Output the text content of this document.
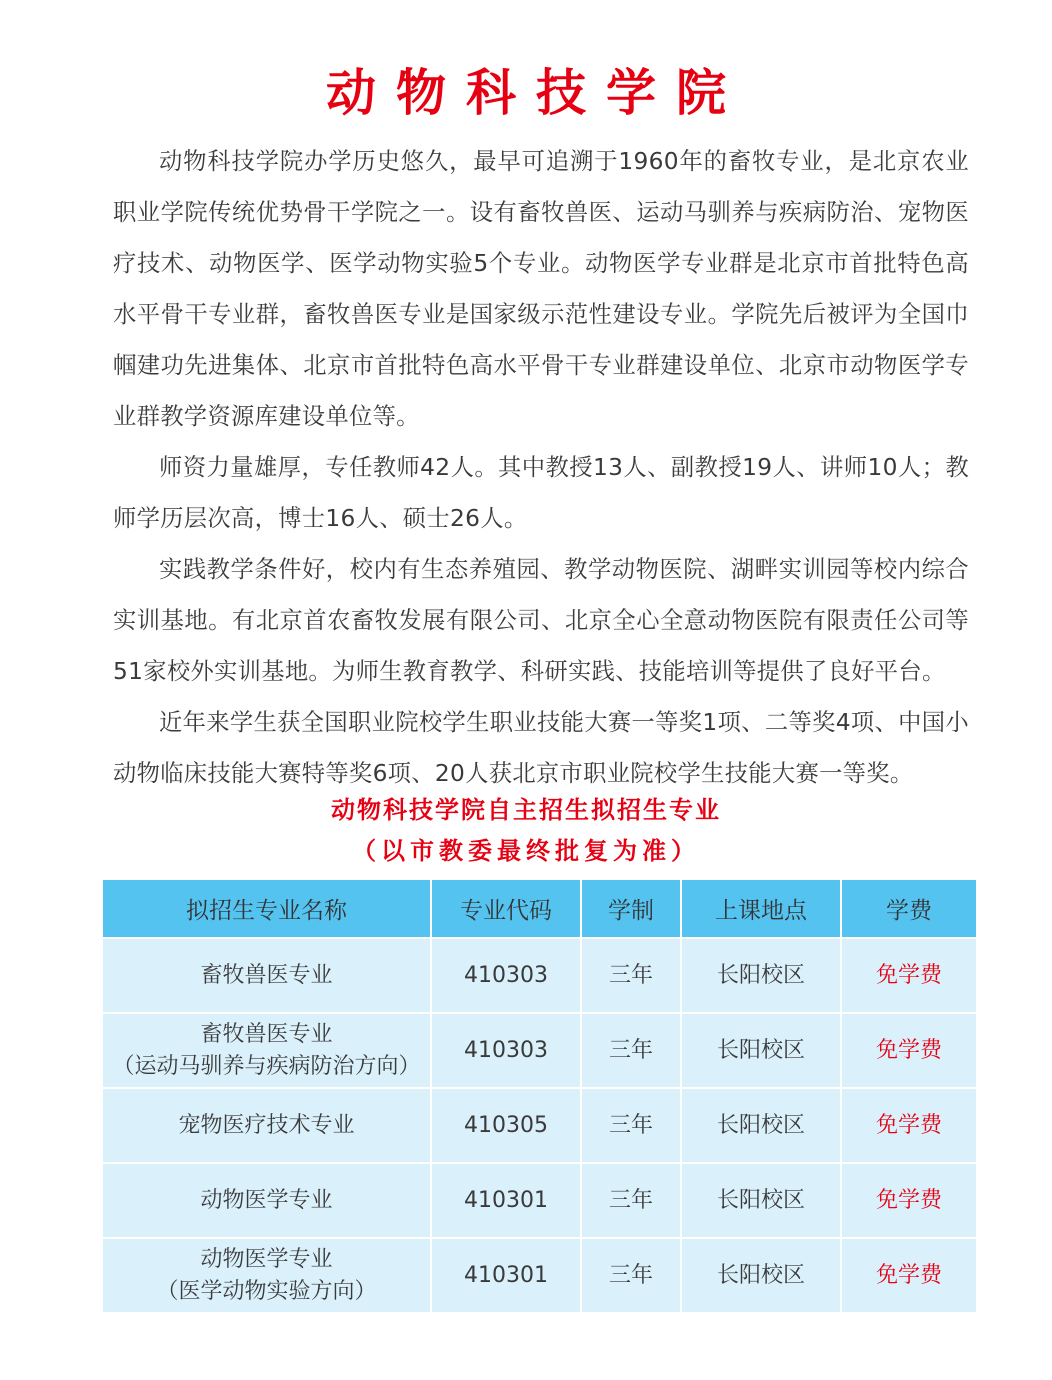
动物科技学院

动物科技学院办学历史悠久，最早可追溯于1960年的畜牧专业，是北京农业职业学院传统优势骨干学院之一。设有畜牧兽医、运动马驯养与疾病防治、宠物医疗技术、动物医学、医学动物实验5个专业。动物医学专业群是北京市首批特色高水平骨干专业群，畜牧兽医专业是国家级示范性建设专业。学院先后被评为全国巾帼建功先进集体、北京市首批特色高水平骨干专业群建设单位、北京市动物医学专业群教学资源库建设单位等。

师资力量雄厚，专任教师42人。其中教授13人、副教授19人、讲师10人；教师学历层次高，博士16人、硕士26人。

实践教学条件好，校内有生态养殖园、教学动物医院、湖畔实训园等校内综合实训基地。有北京首农畜牧发展有限公司、北京全心全意动物医院有限责任公司等51家校外实训基地。为师生教育教学、科研实践、技能培训等提供了良好平台。

近年来学生获全国职业院校学生职业技能大赛一等奖1项、二等奖4项、中国小动物临床技能大赛特等奖6项、20人获北京市职业院校学生技能大赛一等奖。

动物科技学院自主招生拟招生专业
（以市教委最终批复为准）
拟招生专业名称	专业代码	学制	上课地点	学费

畜牧兽医专业	410303	三年	长阳校区	免学费

畜牧兽医专业
（运动马驯养与疾病防治方向）	410303	三年	长阳校区	免学费

宠物医疗技术专业	410305	三年	长阳校区	免学费

动物医学专业	410301	三年	长阳校区	免学费

动物医学专业
（医学动物实验方向）	410301	三年	长阳校区	免学费
